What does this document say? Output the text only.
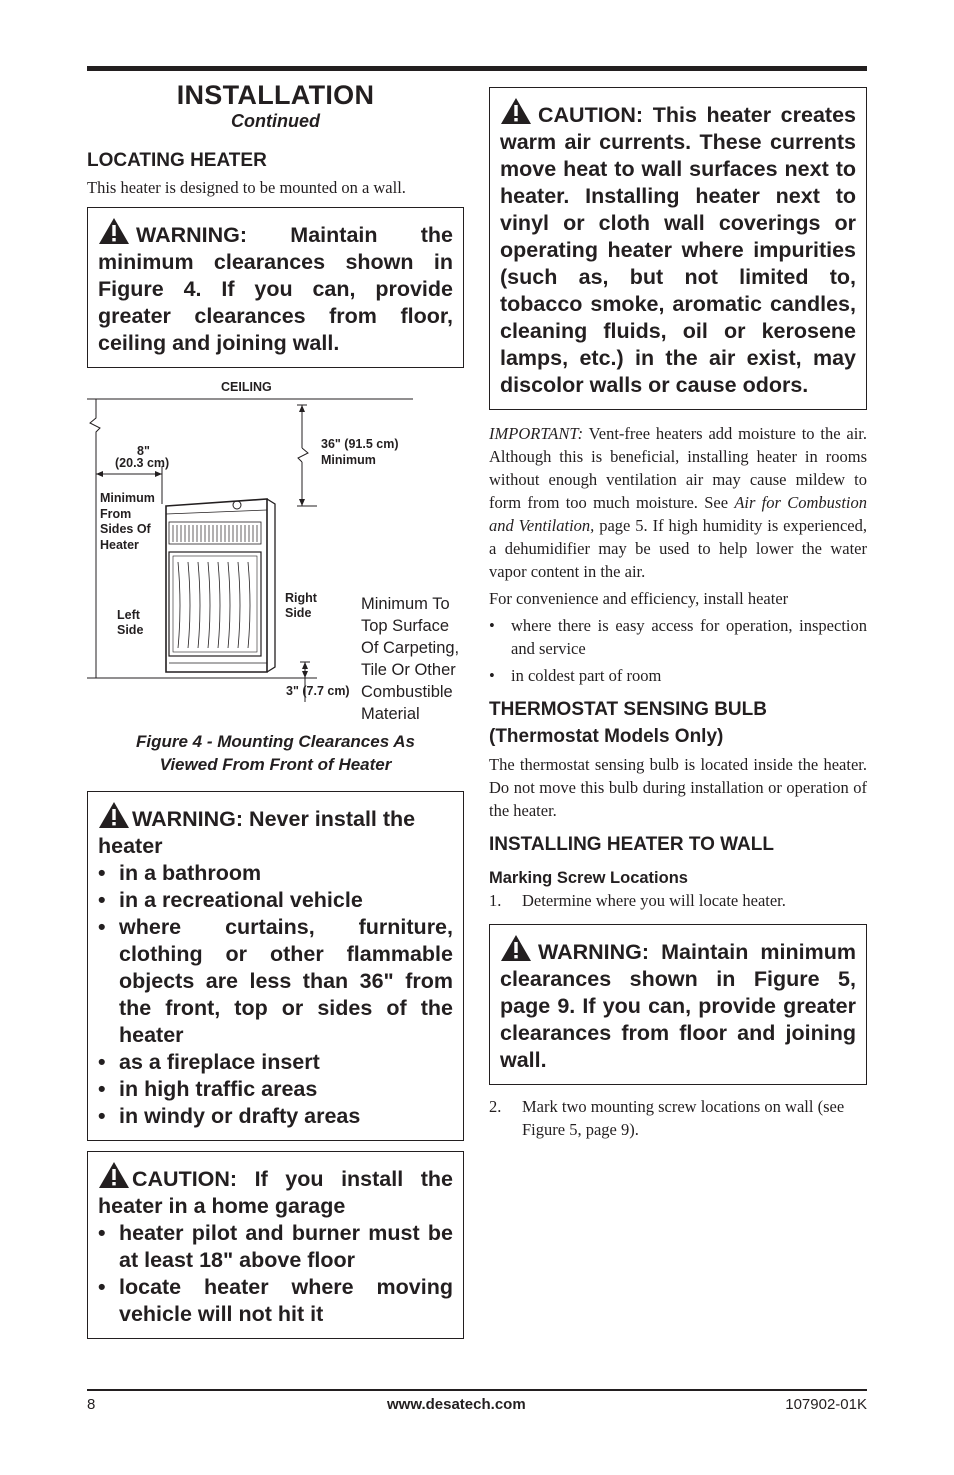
INSTALLATION
Continued
LOCATING HEATER
This heater is designed to be mounted on a wall.
WARNING: Maintain the minimum clearances shown in Figure 4. If you can, provide greater clearances from floor, ceiling and joining wall.
CEILING
8"
(20.3 cm)
Minimum
From
Sides Of
Heater
36" (91.5 cm)
Minimum
Right
Side
Left
Side
3" (7.7 cm)
Minimum To
Top Surface
Of Carpeting,
Tile Or Other
Combustible
Material
Figure 4 - Mounting Clearances As
Viewed From Front of Heater
WARNING: Never install the heater
• in a bathroom
• in a recreational vehicle
• where curtains, furniture, clothing or other flammable objects are less than 36" from the front, top or sides of the heater
• as a fireplace insert
• in high traffic areas
• in windy or drafty areas
CAUTION: If you install the heater in a home garage
• heater pilot and burner must be at least 18" above floor
• locate heater where moving vehicle will not hit it
CAUTION: This heater creates warm air currents. These currents move heat to wall surfaces next to heater. Installing heater next to vinyl or cloth wall coverings or operating heater where impurities (such as, but not limited to, tobacco smoke, aromatic candles, cleaning fluids, oil or kerosene lamps, etc.) in the air exist, may discolor walls or cause odors.
IMPORTANT: Vent-free heaters add moisture to the air. Although this is beneficial, installing heater in rooms without enough ventilation air may cause mildew to form from too much moisture. See Air for Combustion and Ventilation, page 5. If high humidity is experienced, a dehumidifier may be used to help lower the water vapor content in the air.
For convenience and efficiency, install heater
• where there is easy access for operation, inspection and service
• in coldest part of room
THERMOSTAT SENSING BULB
(Thermostat Models Only)
The thermostat sensing bulb is located inside the heater. Do not move this bulb during installation or operation of the heater.
INSTALLING HEATER TO WALL
Marking Screw Locations
1. Determine where you will locate heater.
WARNING: Maintain minimum clearances shown in Figure 5, page 9. If you can, provide greater clearances from floor and joining wall.
2. Mark two mounting screw locations on wall (see Figure 5, page 9).
8	www.desatech.com	107902-01K
